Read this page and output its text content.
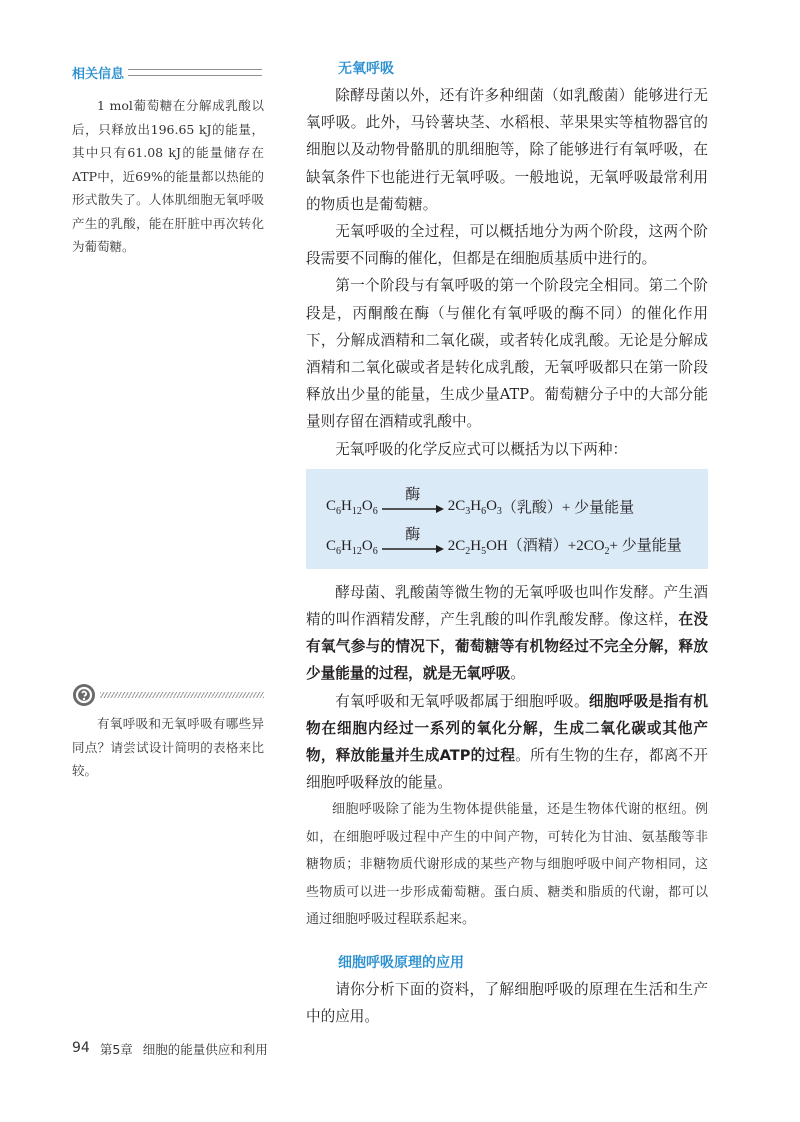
相关信息

1 mol葡萄糖在分解成乳酸以后，只释放出196.65 kJ的能量，其中只有61.08 kJ的能量储存在ATP中，近69%的能量都以热能的形式散失了。人体肌细胞无氧呼吸产生的乳酸，能在肝脏中再次转化为葡萄糖。

有氧呼吸和无氧呼吸有哪些异同点？请尝试设计简明的表格来比较。

无氧呼吸

除酵母菌以外，还有许多种细菌（如乳酸菌）能够进行无氧呼吸。此外，马铃薯块茎、水稻根、苹果果实等植物器官的细胞以及动物骨骼肌的肌细胞等，除了能够进行有氧呼吸，在缺氧条件下也能进行无氧呼吸。一般地说，无氧呼吸最常利用的物质也是葡萄糖。

无氧呼吸的全过程，可以概括地分为两个阶段，这两个阶段需要不同酶的催化，但都是在细胞质基质中进行的。

第一个阶段与有氧呼吸的第一个阶段完全相同。第二个阶段是，丙酮酸在酶（与催化有氧呼吸的酶不同）的催化作用下，分解成酒精和二氧化碳，或者转化成乳酸。无论是分解成酒精和二氧化碳或者是转化成乳酸，无氧呼吸都只在第一阶段释放出少量的能量，生成少量ATP。葡萄糖分子中的大部分能量则存留在酒精或乳酸中。

无氧呼吸的化学反应式可以概括为以下两种：

$C_6H_{12}O_6$
酶
$2C_3H_6O_3$ （乳酸）+ 少量能量
$C_6H_{12}O_6$
酶
$2C_2H_5OH$ （酒精）$+2CO_2+$ 少量能量

酵母菌、乳酸菌等微生物的无氧呼吸也叫作发酵。产生酒精的叫作酒精发酵，产生乳酸的叫作乳酸发酵。像这样，在没有氧气参与的情况下，葡萄糖等有机物经过不完全分解，释放少量能量的过程，就是无氧呼吸。

有氧呼吸和无氧呼吸都属于细胞呼吸。细胞呼吸是指有机物在细胞内经过一系列的氧化分解，生成二氧化碳或其他产物，释放能量并生成ATP的过程。所有生物的生存，都离不开细胞呼吸释放的能量。

细胞呼吸除了能为生物体提供能量，还是生物体代谢的枢纽。例如，在细胞呼吸过程中产生的中间产物，可转化为甘油、氨基酸等非糖物质；非糖物质代谢形成的某些产物与细胞呼吸中间产物相同，这些物质可以进一步形成葡萄糖。蛋白质、糖类和脂质的代谢，都可以通过细胞呼吸过程联系起来。

细胞呼吸原理的应用

请你分析下面的资料，了解细胞呼吸的原理在生活和生产中的应用。

94 第5章 细胞的能量供应和利用
